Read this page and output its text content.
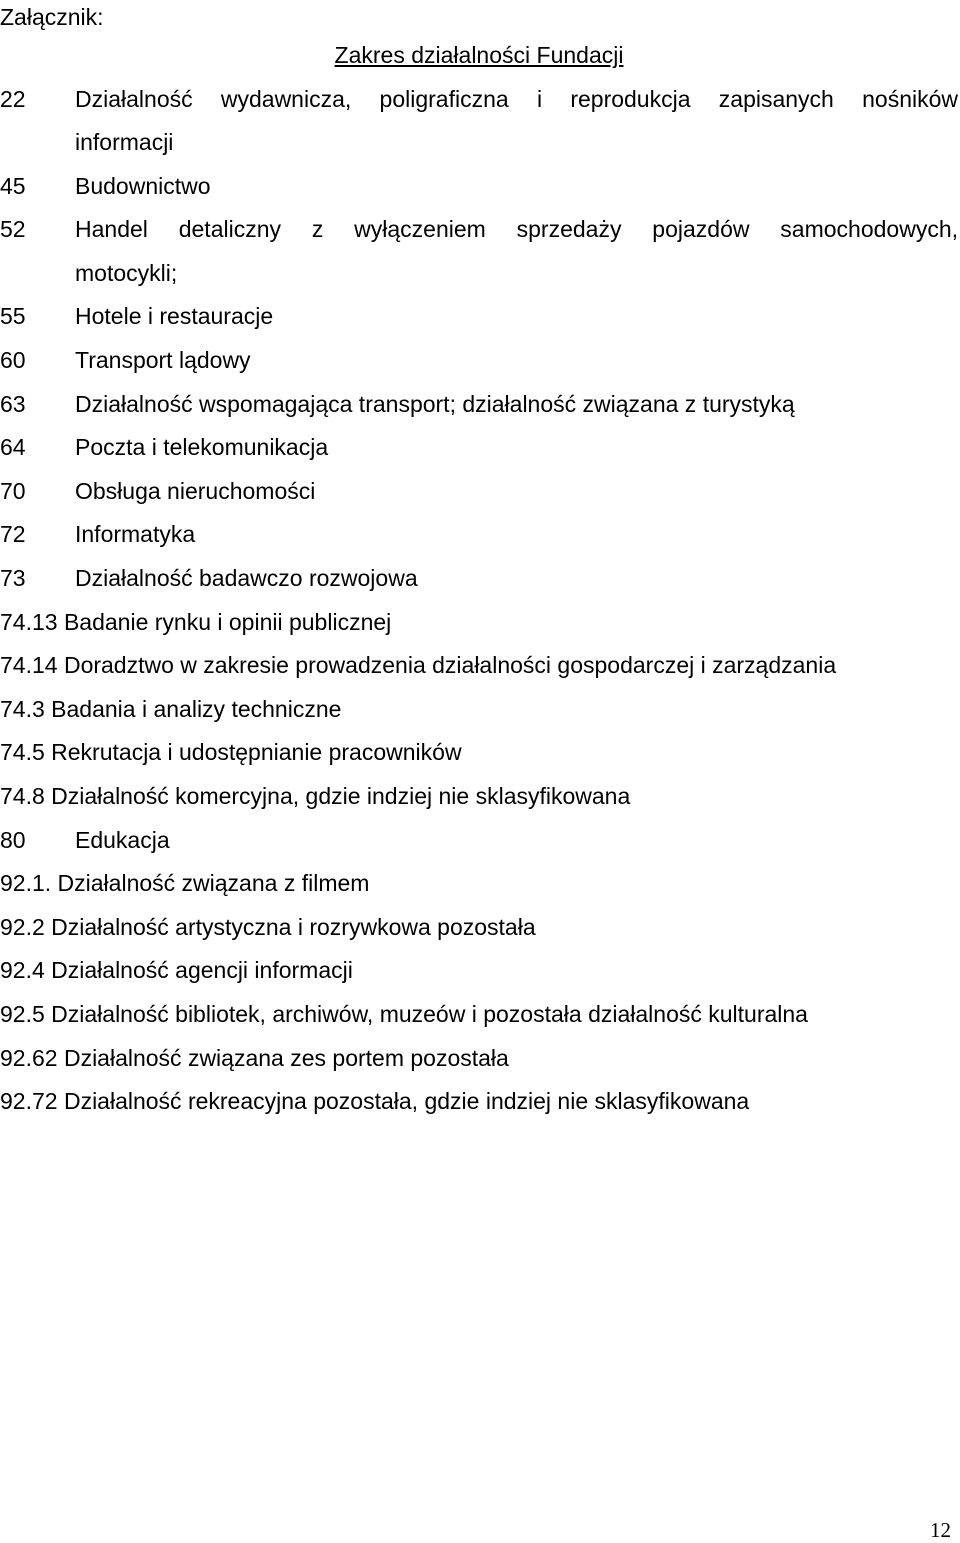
Załącznik:
Zakres działalności Fundacji
22 Działalność wydawnicza, poligraficzna i reprodukcja zapisanych nośników
informacji
45 Budownictwo
52 Handel detaliczny z wyłączeniem sprzedaży pojazdów samochodowych,
motocykli;
55 Hotele i restauracje
60 Transport lądowy
63 Działalność wspomagająca transport; działalność związana z turystyką
64 Poczta i telekomunikacja
70 Obsługa nieruchomości
72 Informatyka
73 Działalność badawczo rozwojowa
74.13 Badanie rynku i opinii publicznej
74.14 Doradztwo w zakresie prowadzenia działalności gospodarczej i zarządzania
74.3 Badania i analizy techniczne
74.5 Rekrutacja i udostępnianie pracowników
74.8 Działalność komercyjna, gdzie indziej nie sklasyfikowana
80 Edukacja
92.1. Działalność związana z filmem
92.2 Działalność artystyczna i rozrywkowa pozostała
92.4 Działalność agencji informacji
92.5 Działalność bibliotek, archiwów, muzeów i pozostała działalność kulturalna
92.62 Działalność związana zes portem pozostała
92.72 Działalność rekreacyjna pozostała, gdzie indziej nie sklasyfikowana
12
